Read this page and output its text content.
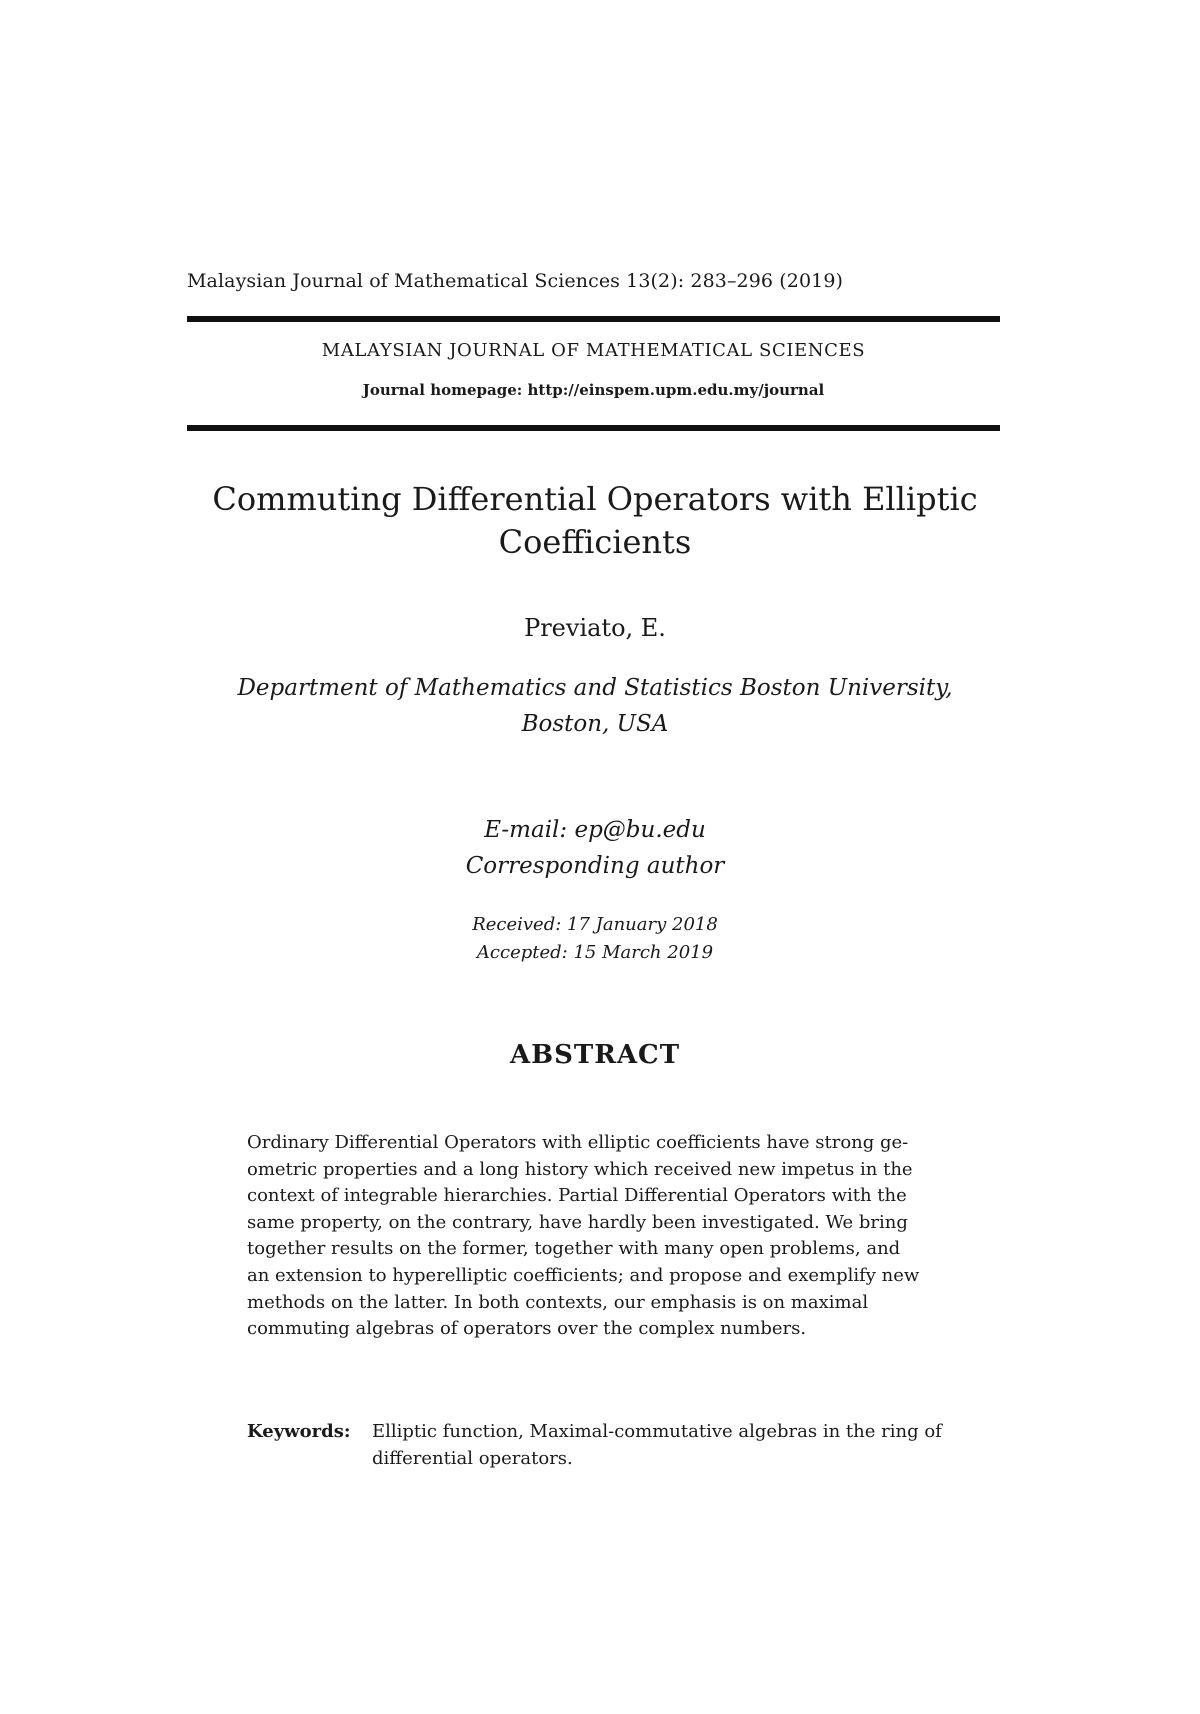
Malaysian Journal of Mathematical Sciences 13(2): 283–296 (2019)
MALAYSIAN JOURNAL OF MATHEMATICAL SCIENCES
Journal homepage: http://einspem.upm.edu.my/journal
Commuting Differential Operators with Elliptic Coefficients
Previato, E.
Department of Mathematics and Statistics Boston University,
Boston, USA
E-mail: ep@bu.edu
Corresponding author
Received: 17 January 2018
Accepted: 15 March 2019
ABSTRACT
Ordinary Differential Operators with elliptic coefficients have strong ge-
ometric properties and a long history which received new impetus in the
context of integrable hierarchies. Partial Differential Operators with the
same property, on the contrary, have hardly been investigated. We bring
together results on the former, together with many open problems, and
an extension to hyperelliptic coefficients; and propose and exemplify new
methods on the latter. In both contexts, our emphasis is on maximal
commuting algebras of operators over the complex numbers.
Keywords: Elliptic function, Maximal-commutative algebras in the ring of differential operators.
